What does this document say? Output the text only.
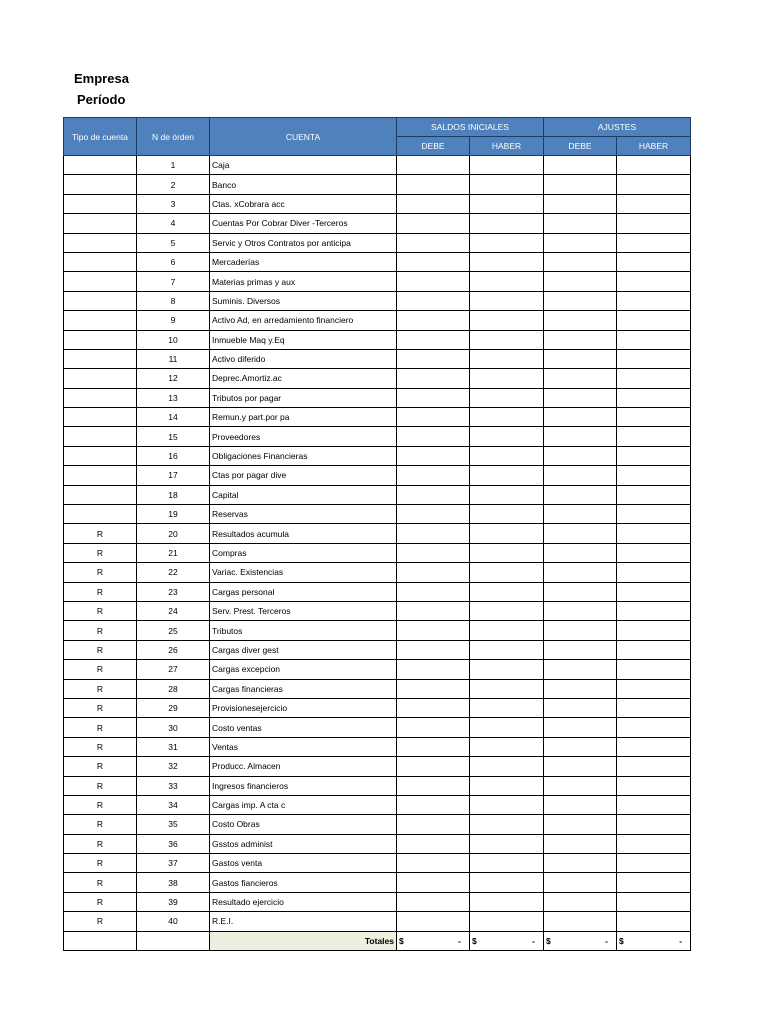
Empresa
Período
Tipo de cuenta	N de órden	CUENTA	SALDOS INICIALES		AJUSTES	
			DEBE	HABER	DEBE	HABER
	1	Caja				
	2	Banco				
	3	Ctas. xCobrara acc				
	4	Cuentas Por Cobrar Diver -Terceros				
	5	Servic y Otros Contratos por anticipa				
	6	Mercaderías				
	7	Materias primas y aux				
	8	Suminis. Diversos				
	9	Activo Ad, en arredamiento financiero				
	10	Inmueble Maq y.Eq				
	11	Activo diferido				
	12	Deprec.Amortiz.ac				
	13	Tributos por pagar				
	14	Remun.y part.por pa				
	15	Proveedores				
	16	Obligaciones Financieras				
	17	Ctas por pagar dive				
	18	Capital				
	19	Reservas				
R	20	Resultados acumula				
R	21	Compras				
R	22	Variac. Existencias				
R	23	Cargas personal				
R	24	Serv. Prest. Terceros				
R	25	Tributos				
R	26	Cargas diver gest				
R	27	Cargas excepcion				
R	28	Cargas financieras				
R	29	Provisionesejercicio				
R	30	Costo ventas				
R	31	Ventas				
R	32	Producc. Almacen				
R	33	Ingresos financieros				
R	34	Cargas imp. A cta c				
R	35	Costo Obras				
R	36	Gsstos administ				
R	37	Gastos venta				
R	38	Gastos fiancieros				
R	39	Resultado ejercicio				
R	40	R.E.I.				
		Totales	$ -	$ -	$ -	$ -
